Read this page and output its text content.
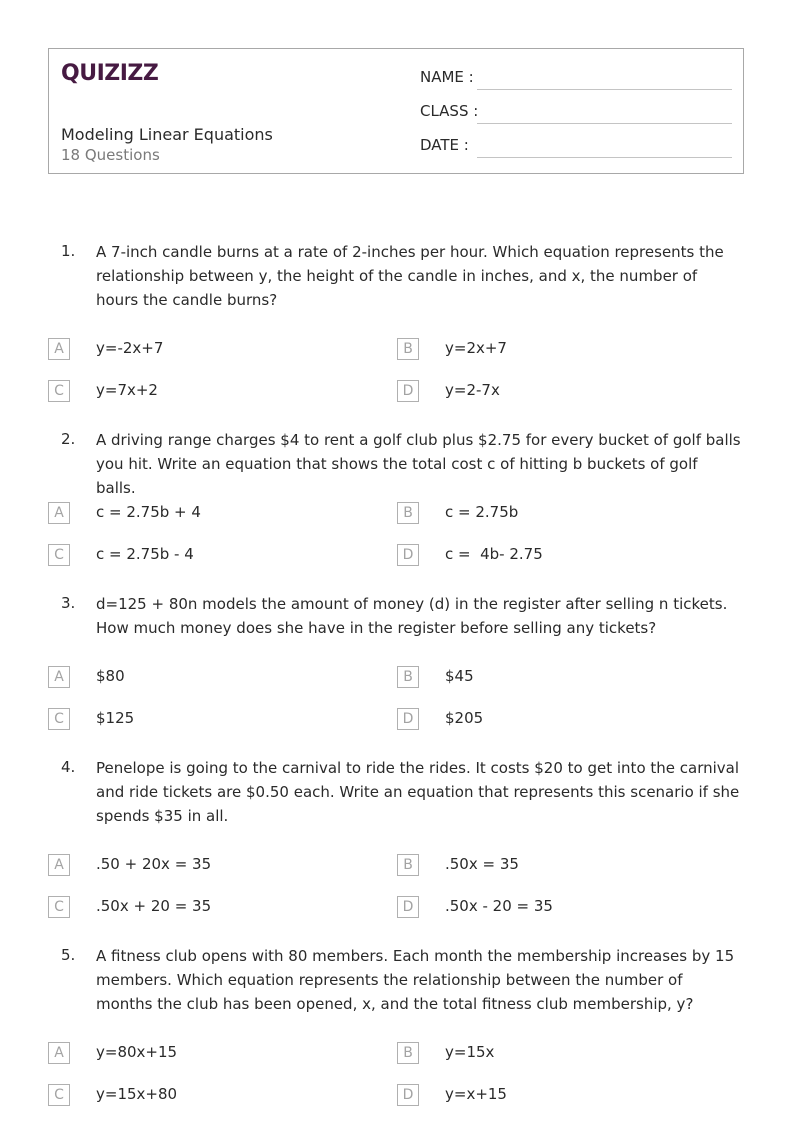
QUIZIZZ
Modeling Linear Equations
18 Questions
NAME :
CLASS :
DATE :
1. A 7-inch candle burns at a rate of 2-inches per hour. Which equation represents the relationship between y, the height of the candle in inches, and x, the number of hours the candle burns?
A	y=-2x+7	B	y=2x+7
C	y=7x+2	D	y=2-7x
2. A driving range charges $4 to rent a golf club plus $2.75 for every bucket of golf balls you hit. Write an equation that shows the total cost c of hitting b buckets of golf balls.
A	c = 2.75b + 4	B	c = 2.75b
C	c = 2.75b - 4	D	c =  4b- 2.75
3. d=125 + 80n models the amount of money (d) in the register after selling n tickets. How much money does she have in the register before selling any tickets?
A	$80	B	$45
C	$125	D	$205
4. Penelope is going to the carnival to ride the rides. It costs $20 to get into the carnival and ride tickets are $0.50 each. Write an equation that represents this scenario if she spends $35 in all.
A	.50 + 20x = 35	B	.50x = 35
C	.50x + 20 = 35	D	.50x - 20 = 35
5. A fitness club opens with 80 members. Each month the membership increases by 15 members. Which equation represents the relationship between the number of months the club has been opened, x, and the total fitness club membership, y?
A	y=80x+15	B	y=15x
C	y=15x+80	D	y=x+15
